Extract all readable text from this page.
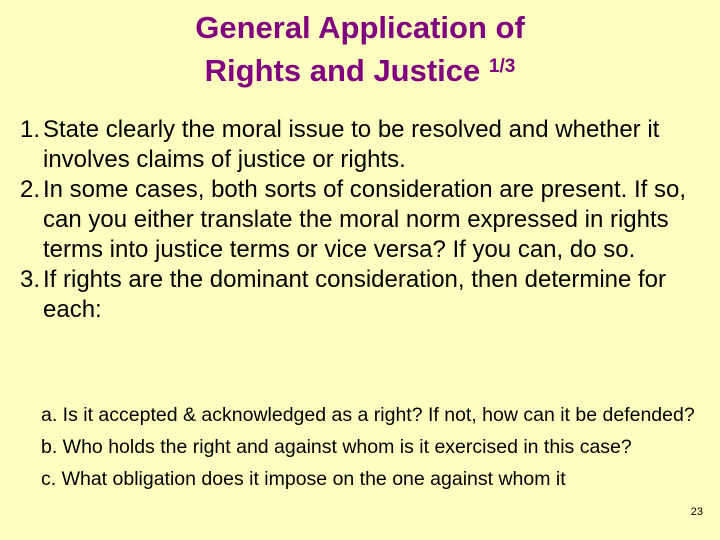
General Application of
Rights and Justice $^{1/3}$
1. State clearly the moral issue to be resolved and whether it involves claims of justice or rights.
2. In some cases, both sorts of consideration are present. If so, can you either translate the moral norm expressed in rights terms into justice terms or vice versa? If you can, do so.
3. If rights are the dominant consideration, then determine for each:

a. Is it accepted & acknowledged as a right? If not, how can it be defended?

b. Who holds the right and against whom is it exercised in this case?

c. What obligation does it impose on the one against whom it

23
